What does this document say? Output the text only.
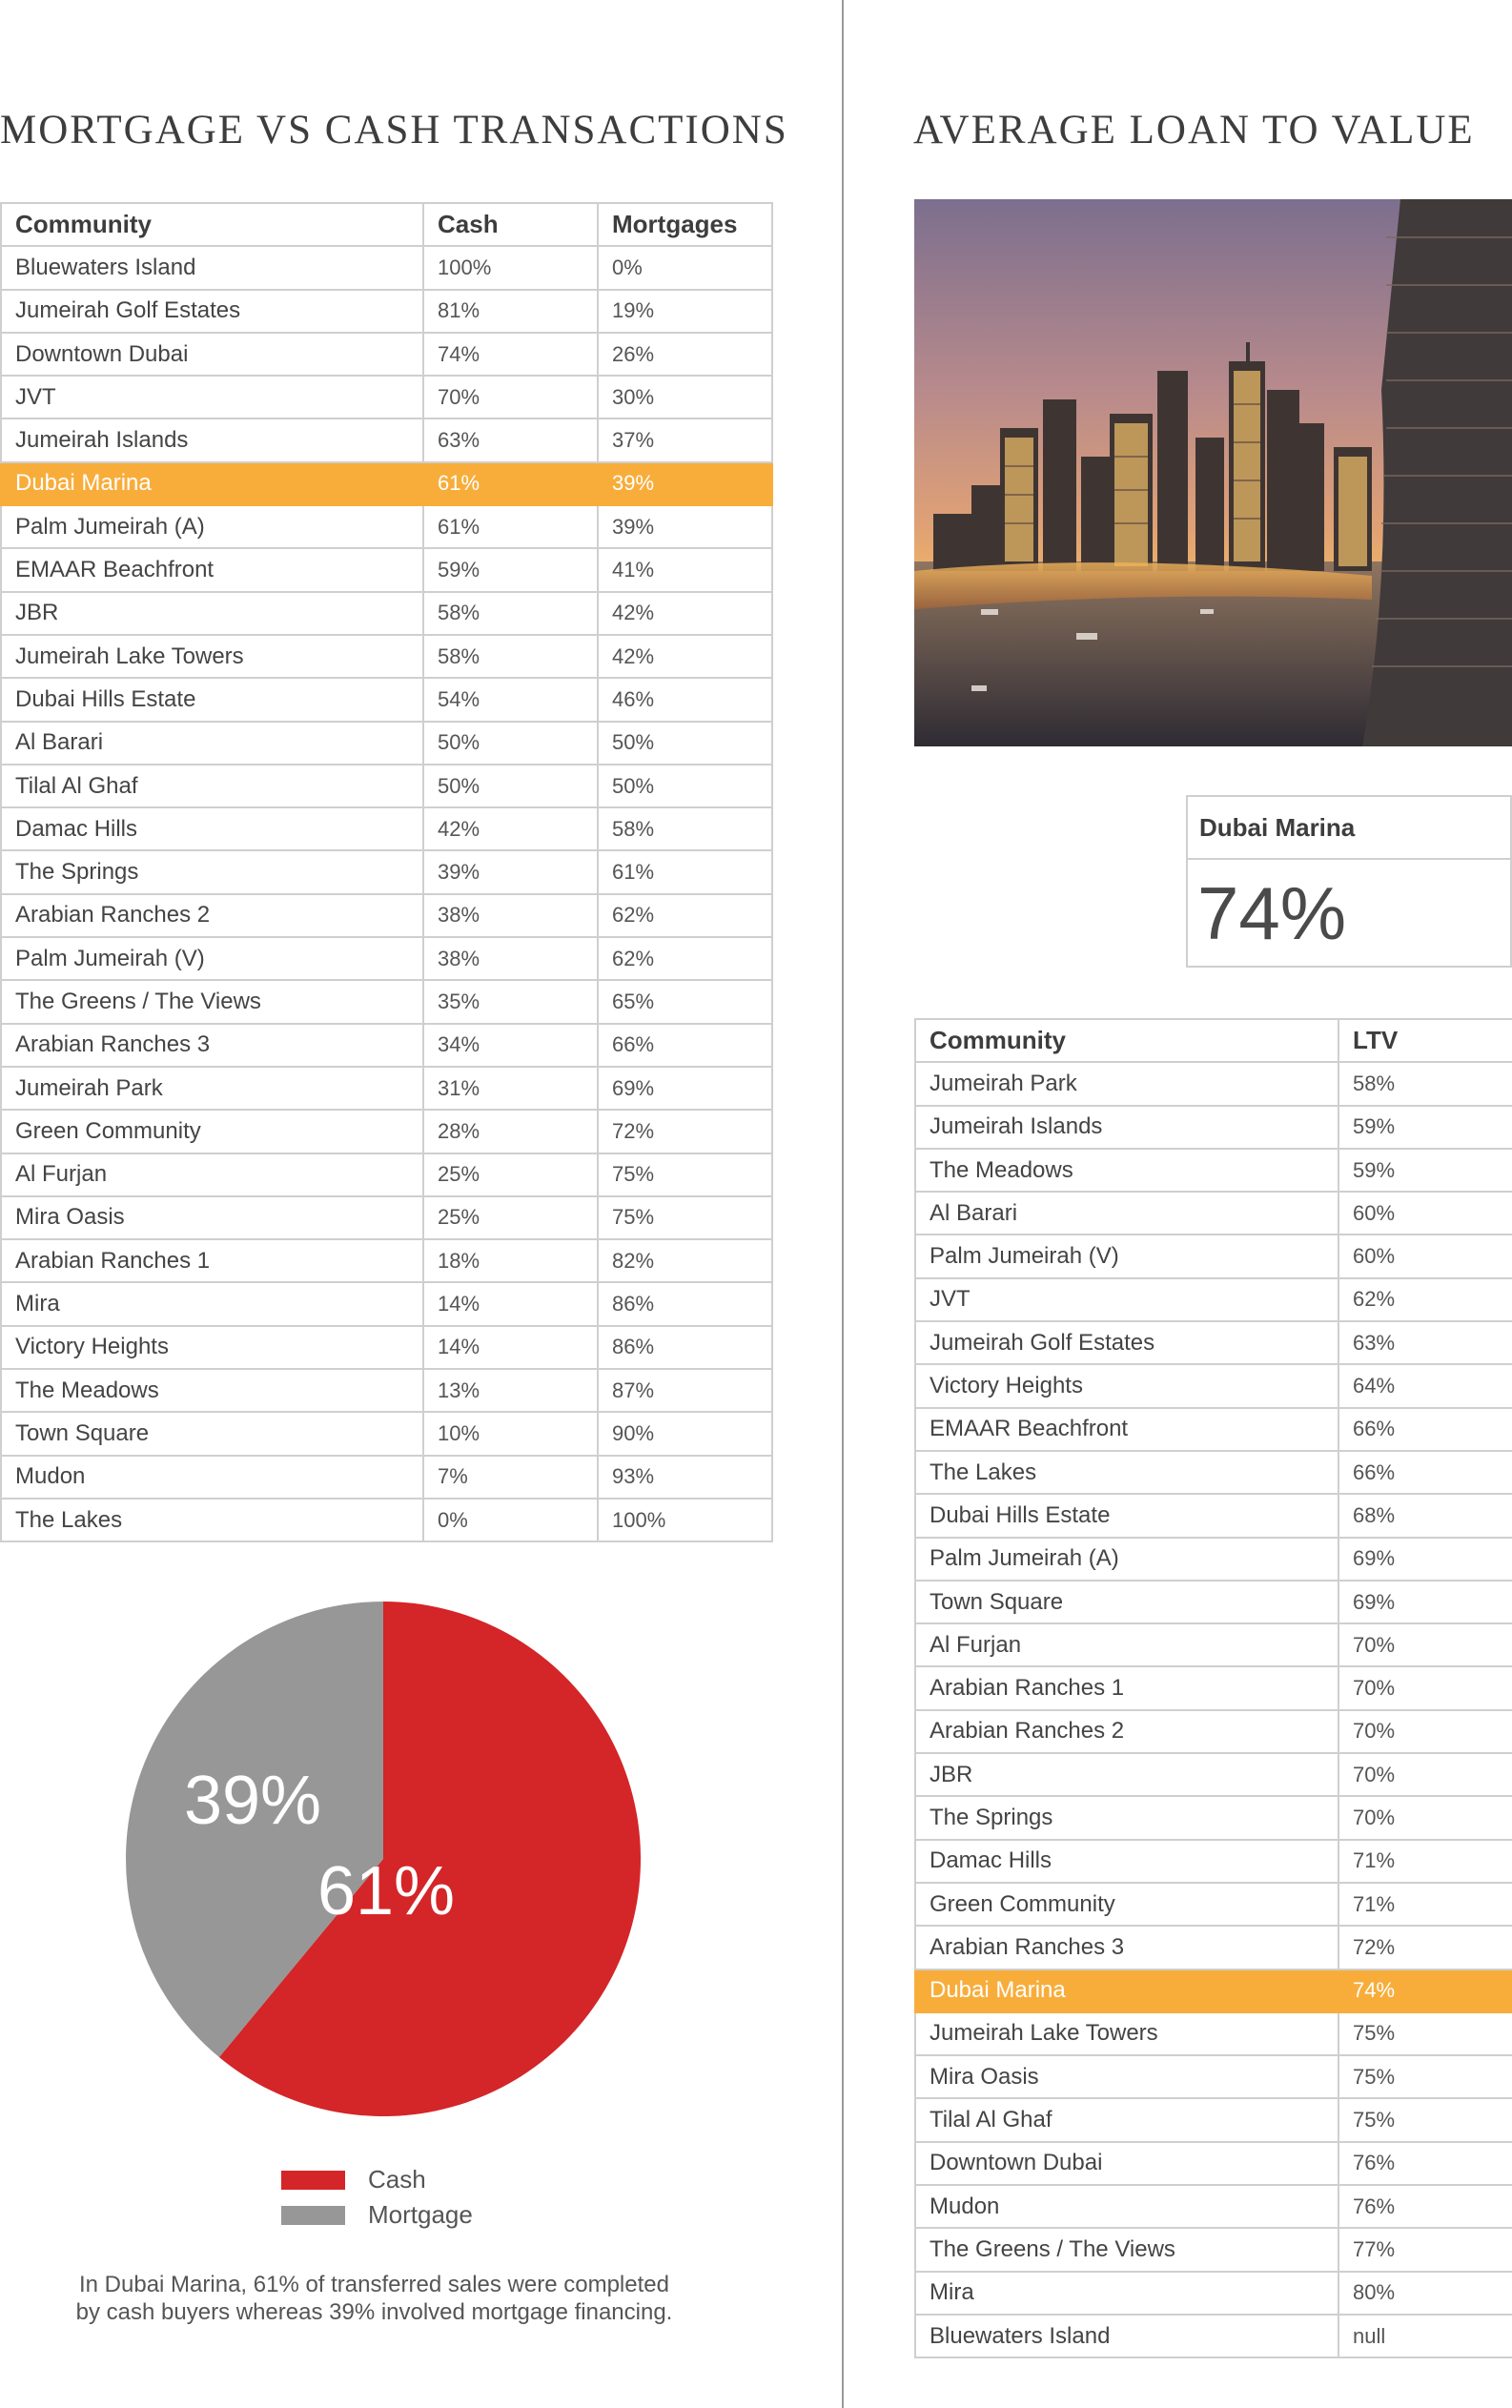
MORTGAGE VS CASH TRANSACTIONS	AVERAGE LOAN TO VALUE
Community	Cash	Mortgages
Bluewaters Island	100%	0%
Jumeirah Golf Estates	81%	19%
Downtown Dubai	74%	26%
JVT	70%	30%
Jumeirah Islands	63%	37%
Dubai Marina	61%	39%
Palm Jumeirah (A)	61%	39%
EMAAR Beachfront	59%	41%
JBR	58%	42%
Jumeirah Lake Towers	58%	42%
Dubai Hills Estate	54%	46%
Al Barari	50%	50%
Tilal Al Ghaf	50%	50%
Damac Hills	42%	58%
The Springs	39%	61%
Arabian Ranches 2	38%	62%
Palm Jumeirah (V)	38%	62%
The Greens / The Views	35%	65%
Arabian Ranches 3	34%	66%
Jumeirah Park	31%	69%
Green Community	28%	72%
Al Furjan	25%	75%
Mira Oasis	25%	75%
Arabian Ranches 1	18%	82%
Mira	14%	86%
Victory Heights	14%	86%
The Meadows	13%	87%
Town Square	10%	90%
Mudon	7%	93%
The Lakes	0%	100%
Dubai Marina
74%
Community	LTV
Jumeirah Park	58%
Jumeirah Islands	59%
The Meadows	59%
Al Barari	60%
Palm Jumeirah (V)	60%
JVT	62%
Jumeirah Golf Estates	63%
Victory Heights	64%
EMAAR Beachfront	66%
The Lakes	66%
Dubai Hills Estate	68%
Palm Jumeirah (A)	69%
Town Square	69%
Al Furjan	70%
Arabian Ranches 1	70%
Arabian Ranches 2	70%
JBR	70%
The Springs	70%
Damac Hills	71%
Green Community	71%
Arabian Ranches 3	72%
Dubai Marina	74%
Jumeirah Lake Towers	75%
Mira Oasis	75%
Tilal Al Ghaf	75%
Downtown Dubai	76%
Mudon	76%
The Greens / The Views	77%
Mira	80%
Bluewaters Island	null
61%
39%
Cash
Mortgage

In Dubai Marina, 61% of transferred sales were completed by cash buyers whereas 39% involved mortgage financing.
